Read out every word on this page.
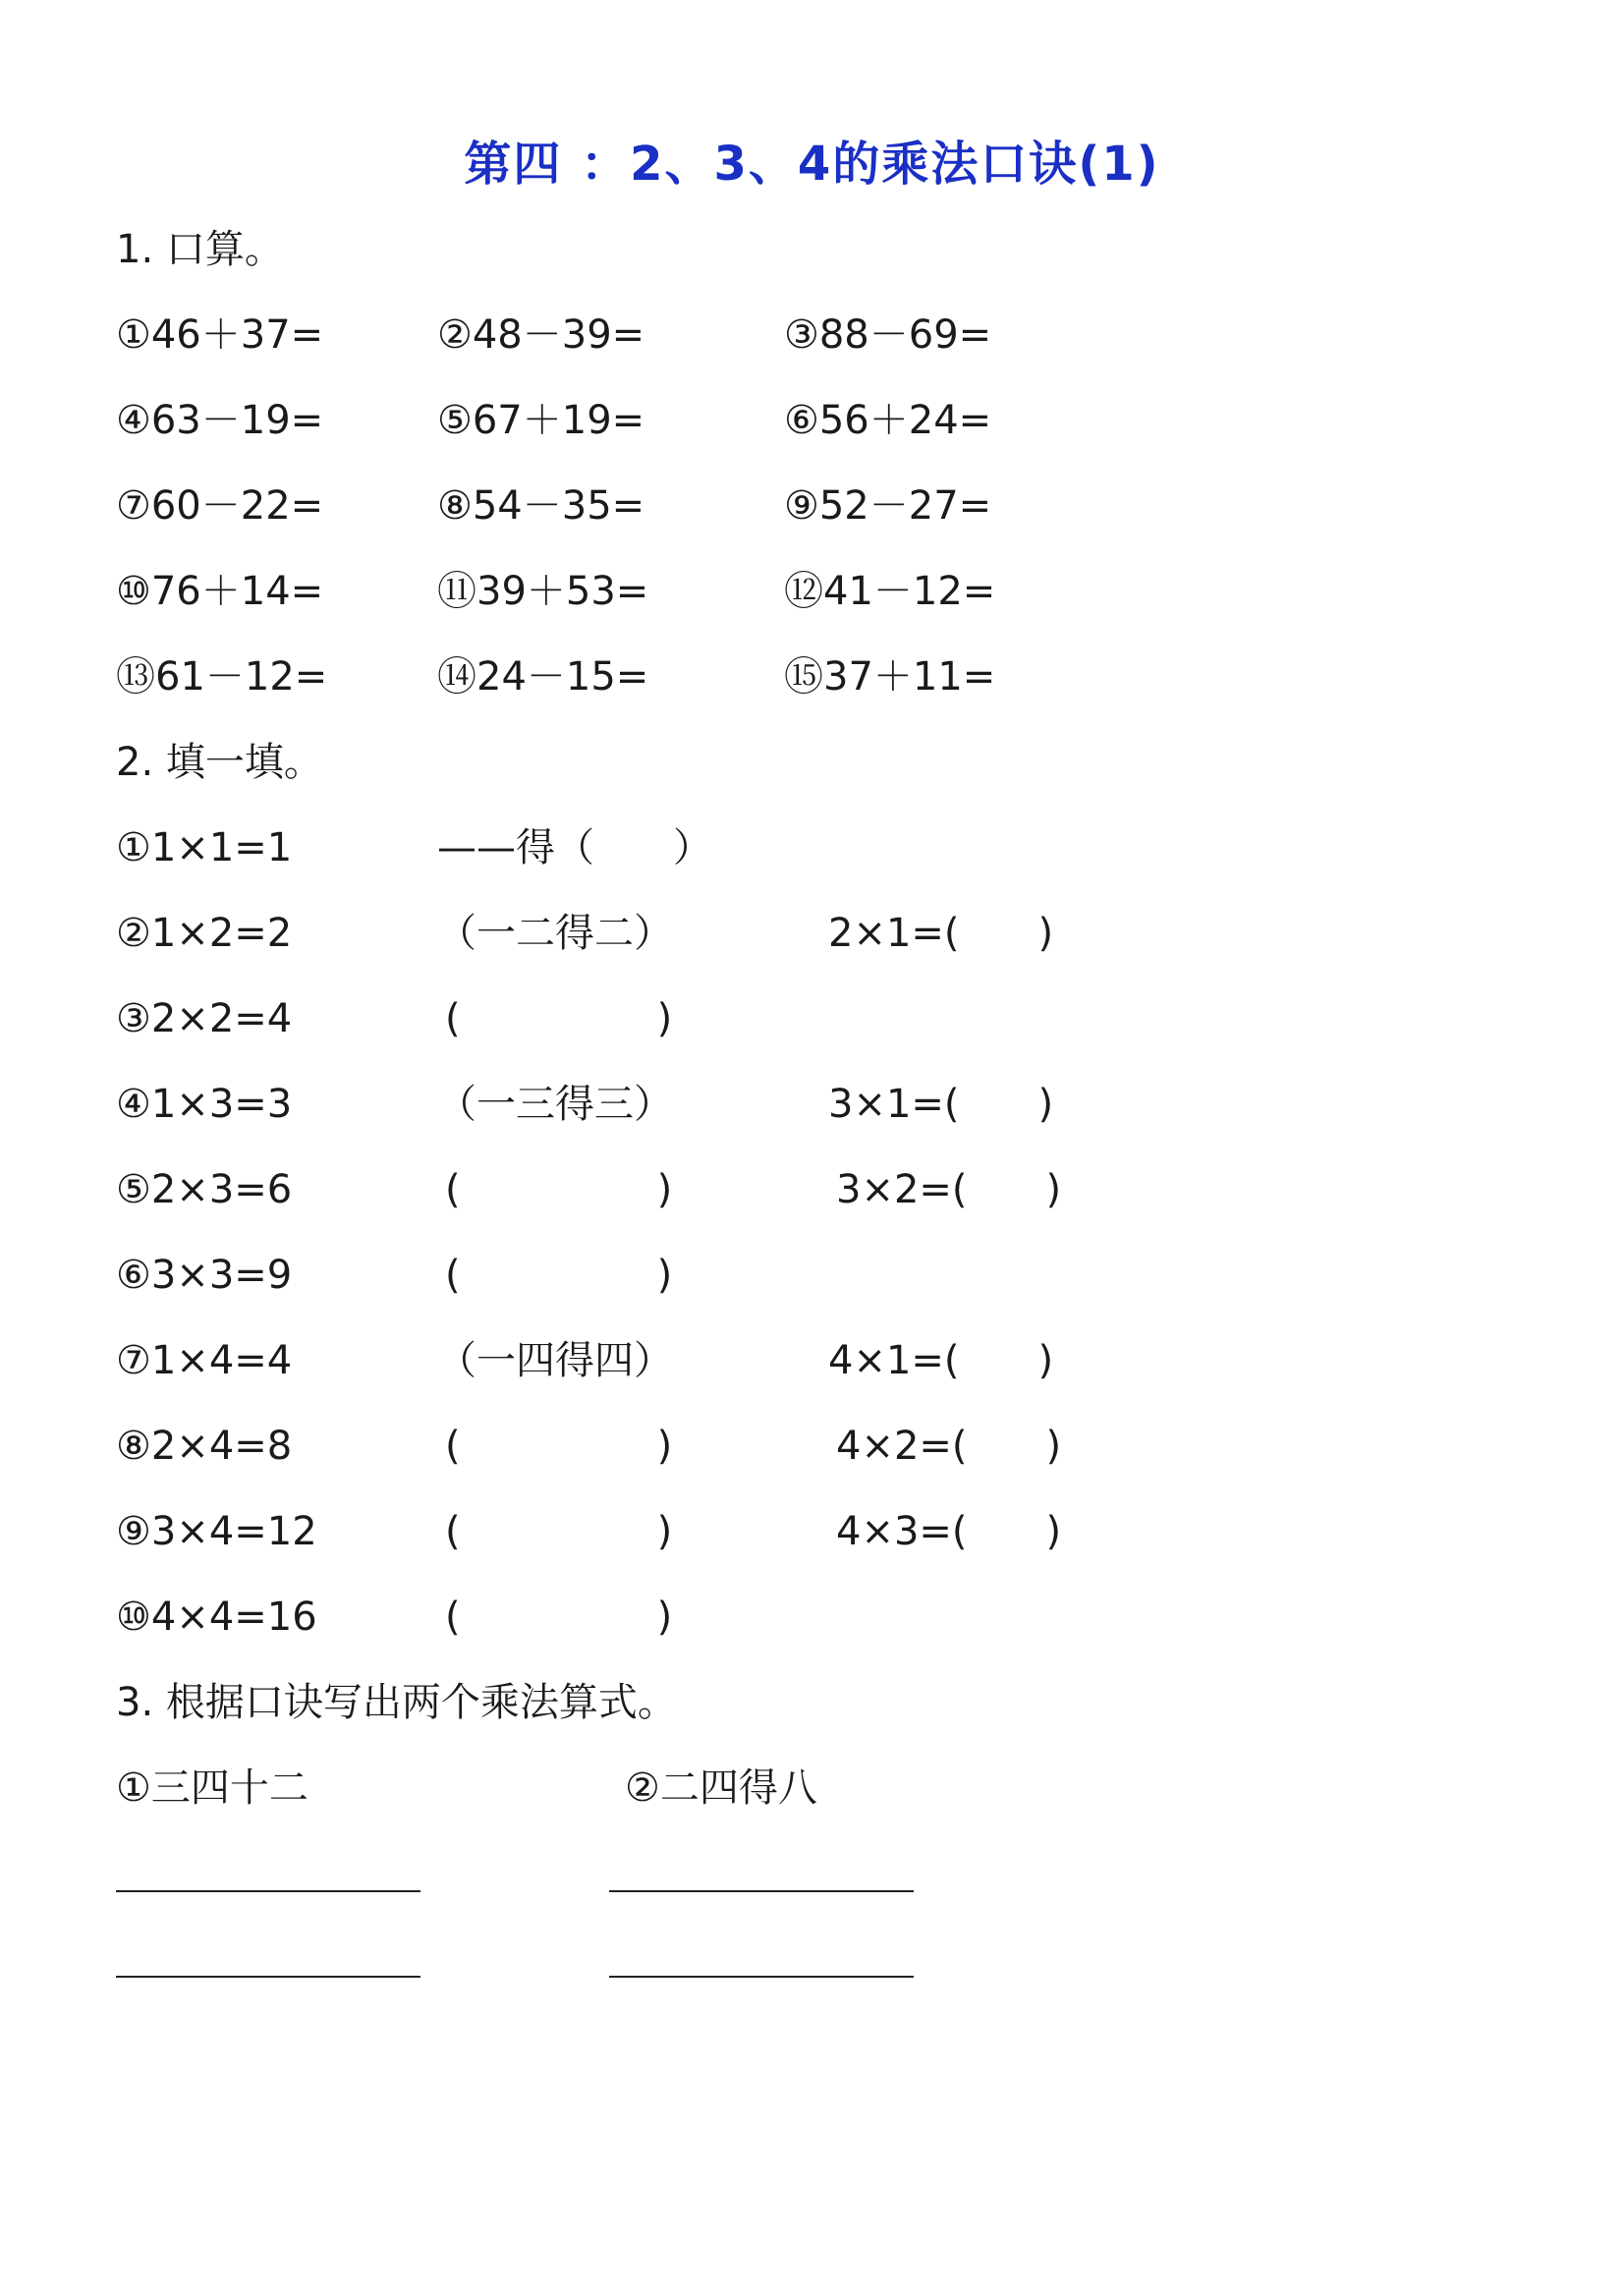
第四 ：2、3、4的乘法口诀(1)
1. 口算。
①46＋37=	②48－39=	③88－69=
④63－19=	⑤67＋19=	⑥56＋24=
⑦60－22=	⑧54－35=	⑨52－27=
⑩76＋14=	⑪39＋53=	⑫41－12=
⑬61－12=	⑭24－15=	⑮37＋11=
2. 填一填。
①1×1=1	——得（　　）
②1×2=2	（一二得二）	2×1=(　　)
③2×2=4	(　　　　　)
④1×3=3	（一三得三）	3×1=(　　)
⑤2×3=6	(　　　　　)	3×2=(　　)
⑥3×3=9	(　　　　　)
⑦1×4=4	（一四得四）	4×1=(　　)
⑧2×4=8	(　　　　　)	4×2=(　　)
⑨3×4=12	(　　　　　)	4×3=(　　)
⑩4×4=16	(　　　　　)
3. 根据口诀写出两个乘法算式。
①三四十二	②二四得八
